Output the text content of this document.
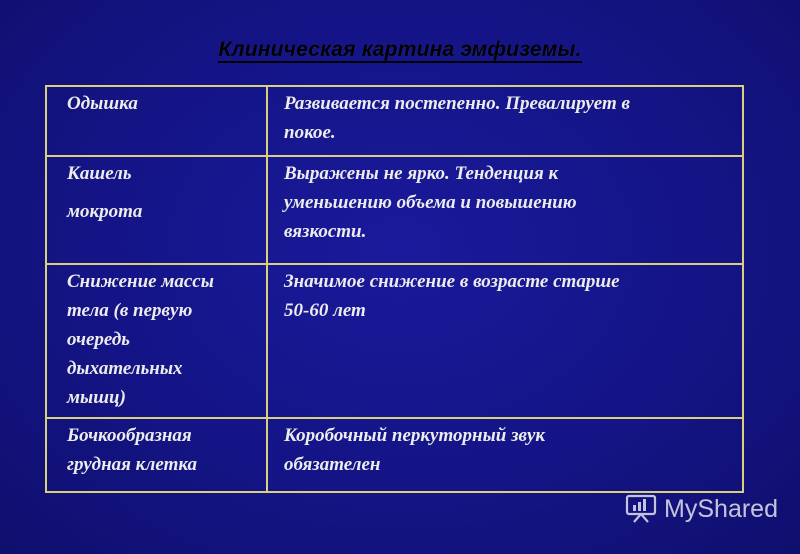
Клиническая картина эмфиземы.
Одышка	Развивается постепенно. Превалирует в
покое.

Кашель
мокрота	Выражены не ярко. Тенденция к
уменьшению объема и повышению
вязкости.

Снижение массы
тела (в первую
очередь
дыхательных
мышц)	Значимое снижение в возрасте старше
50-60 лет

Бочкообразная
грудная клетка	Коробочный перкуторный звук
обязателен
MyShared
